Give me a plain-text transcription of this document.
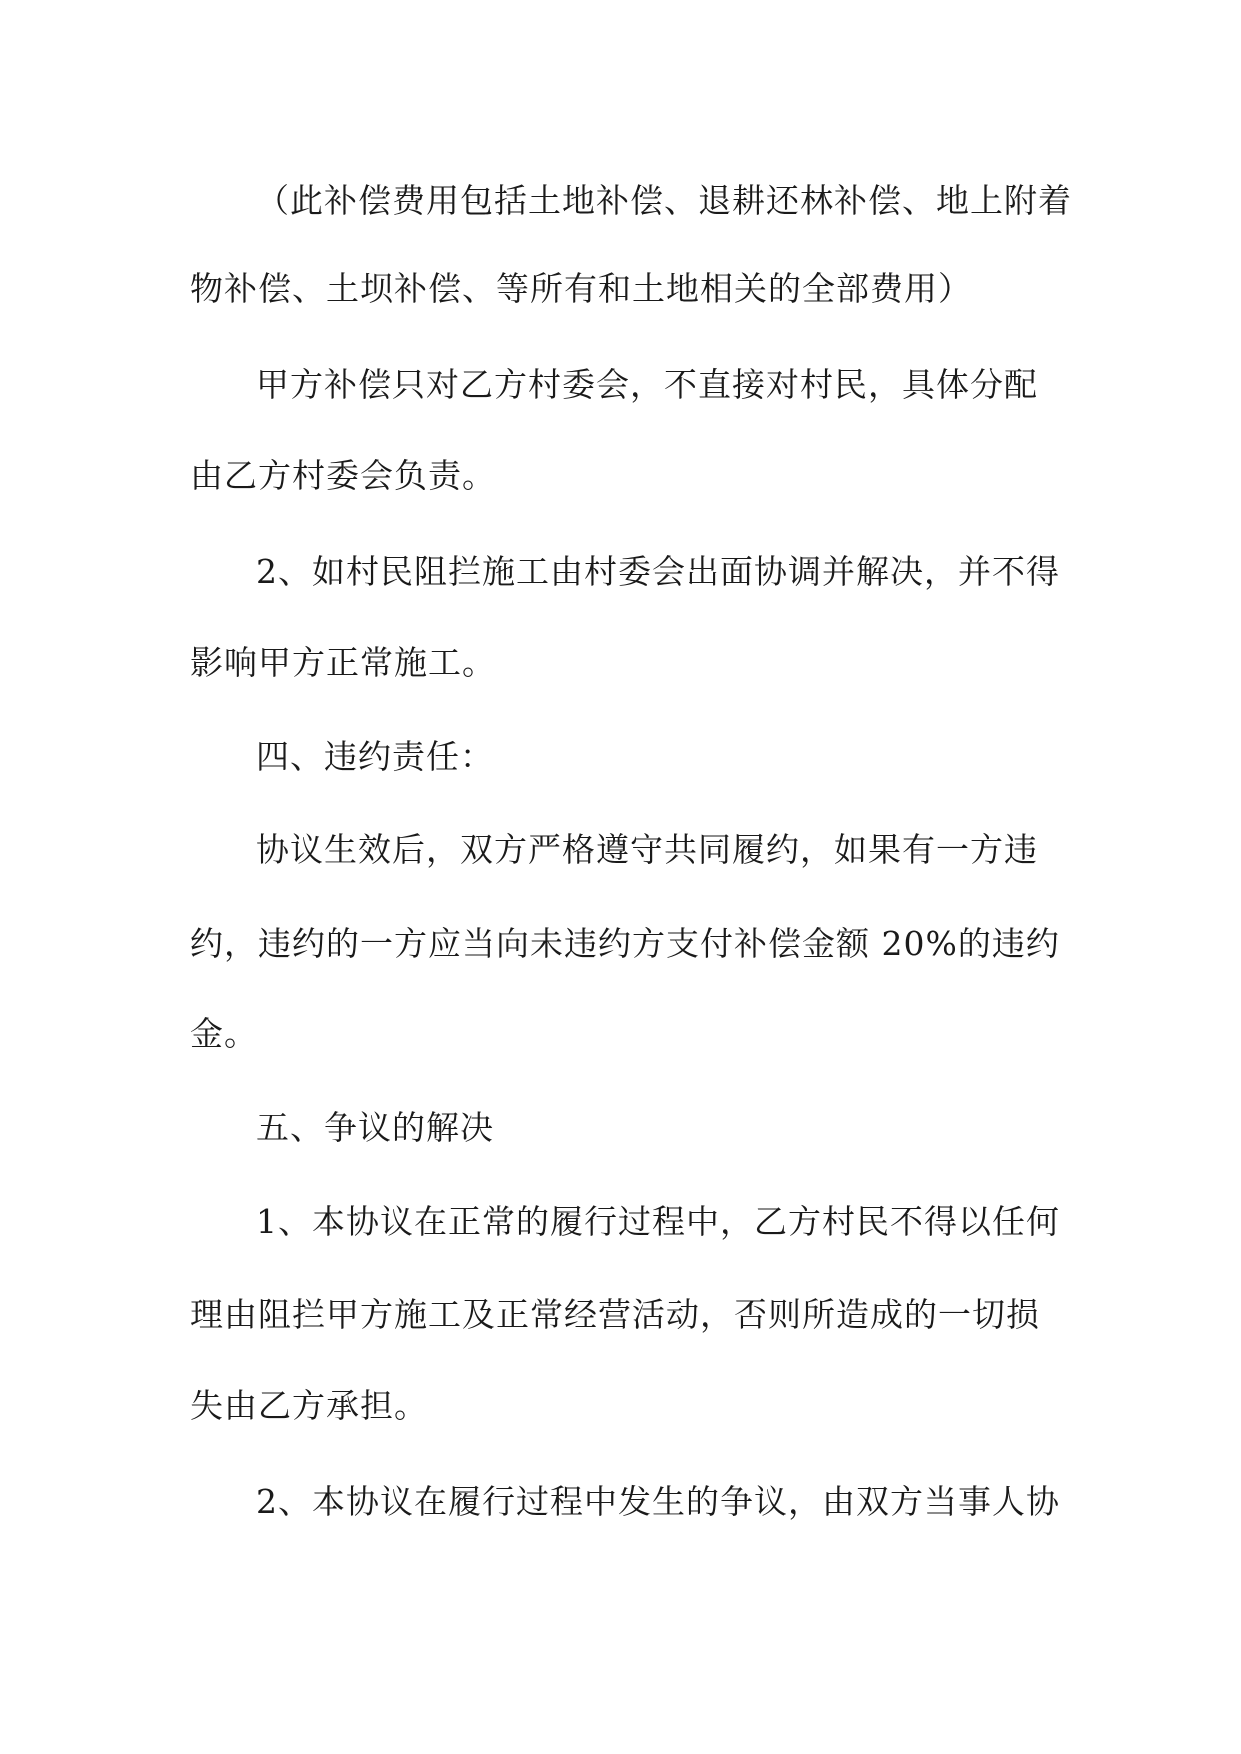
（此补偿费用包括土地补偿、退耕还林补偿、地上附着
物补偿、土坝补偿、等所有和土地相关的全部费用）
甲方补偿只对乙方村委会，不直接对村民，具体分配
由乙方村委会负责。
2、如村民阻拦施工由村委会出面协调并解决，并不得
影响甲方正常施工。
四、违约责任：
协议生效后，双方严格遵守共同履约，如果有一方违
约，违约的一方应当向未违约方支付补偿金额 20%的违约
金。
五、争议的解决
1、本协议在正常的履行过程中，乙方村民不得以任何
理由阻拦甲方施工及正常经营活动，否则所造成的一切损
失由乙方承担。
2、本协议在履行过程中发生的争议，由双方当事人协
